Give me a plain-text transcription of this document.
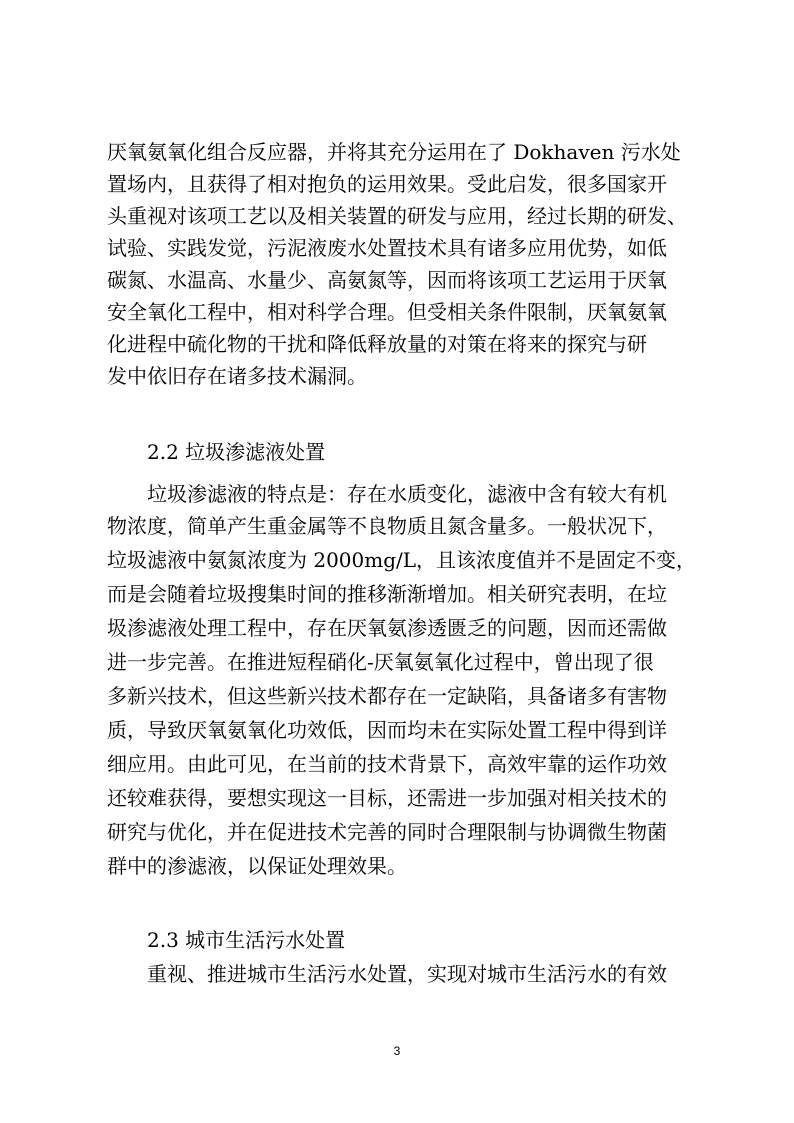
厌氧氨氧化组合反应器，并将其充分运用在了 Dokhaven 污水处
置场内，且获得了相对抱负的运用效果。受此启发，很多国家开
头重视对该项工艺以及相关装置的研发与应用，经过长期的研发、
试验、实践发觉，污泥液废水处置技术具有诸多应用优势，如低
碳氮、水温高、水量少、高氨氮等，因而将该项工艺运用于厌氧
安全氧化工程中，相对科学合理。但受相关条件限制，厌氧氨氧
化进程中硫化物的干扰和降低释放量的对策在将来的探究与研
发中依旧存在诸多技术漏洞。
2.2 垃圾渗滤液处置
垃圾渗滤液的特点是：存在水质变化，滤液中含有较大有机
物浓度，简单产生重金属等不良物质且氮含量多。一般状况下，
垃圾滤液中氨氮浓度为 2000mg/L，且该浓度值并不是固定不变，
而是会随着垃圾搜集时间的推移渐渐增加。相关研究表明，在垃
圾渗滤液处理工程中，存在厌氧氨渗透匮乏的问题，因而还需做
进一步完善。在推进短程硝化-厌氧氨氧化过程中，曾出现了很
多新兴技术，但这些新兴技术都存在一定缺陷，具备诸多有害物
质，导致厌氧氨氧化功效低，因而均未在实际处置工程中得到详
细应用。由此可见，在当前的技术背景下，高效牢靠的运作功效
还较难获得，要想实现这一目标，还需进一步加强对相关技术的
研究与优化，并在促进技术完善的同时合理限制与协调微生物菌
群中的渗滤液，以保证处理效果。
2.3 城市生活污水处置
重视、推进城市生活污水处置，实现对城市生活污水的有效
3
